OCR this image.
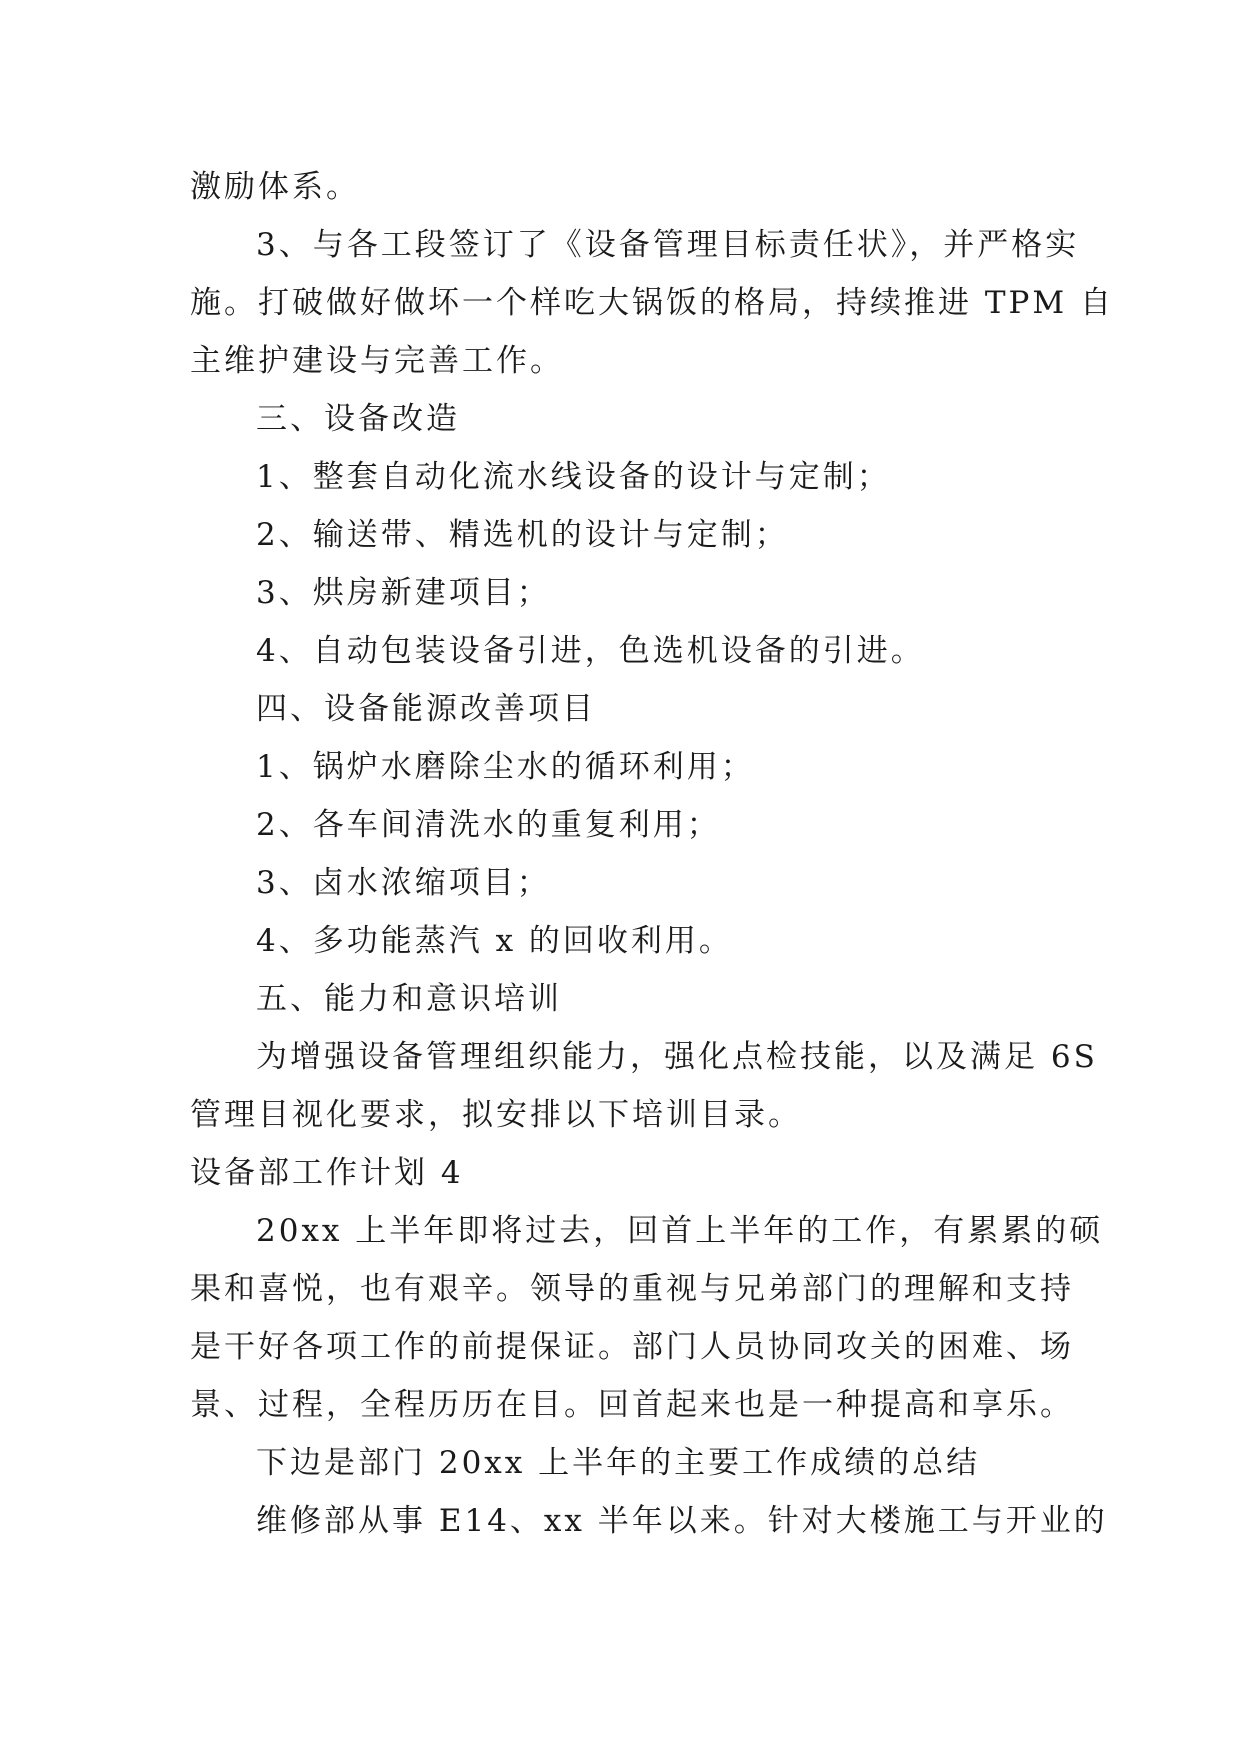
激励体系。

3、与各工段签订了《设备管理目标责任状》，并严格实

施。打破做好做坏一个样吃大锅饭的格局，持续推进 TPM 自

主维护建设与完善工作。

三、设备改造

1、整套自动化流水线设备的设计与定制；

2、输送带、精选机的设计与定制；

3、烘房新建项目；

4、自动包装设备引进，色选机设备的引进。

四、设备能源改善项目

1、锅炉水磨除尘水的循环利用；

2、各车间清洗水的重复利用；

3、卤水浓缩项目；

4、多功能蒸汽 x 的回收利用。

五、能力和意识培训

为增强设备管理组织能力，强化点检技能，以及满足 6S

管理目视化要求，拟安排以下培训目录。

设备部工作计划 4

20xx 上半年即将过去，回首上半年的工作，有累累的硕

果和喜悦，也有艰辛。领导的重视与兄弟部门的理解和支持

是干好各项工作的前提保证。部门人员协同攻关的困难、场

景、过程，全程历历在目。回首起来也是一种提高和享乐。

下边是部门 20xx 上半年的主要工作成绩的总结

维修部从事 E14、xx 半年以来。针对大楼施工与开业的
